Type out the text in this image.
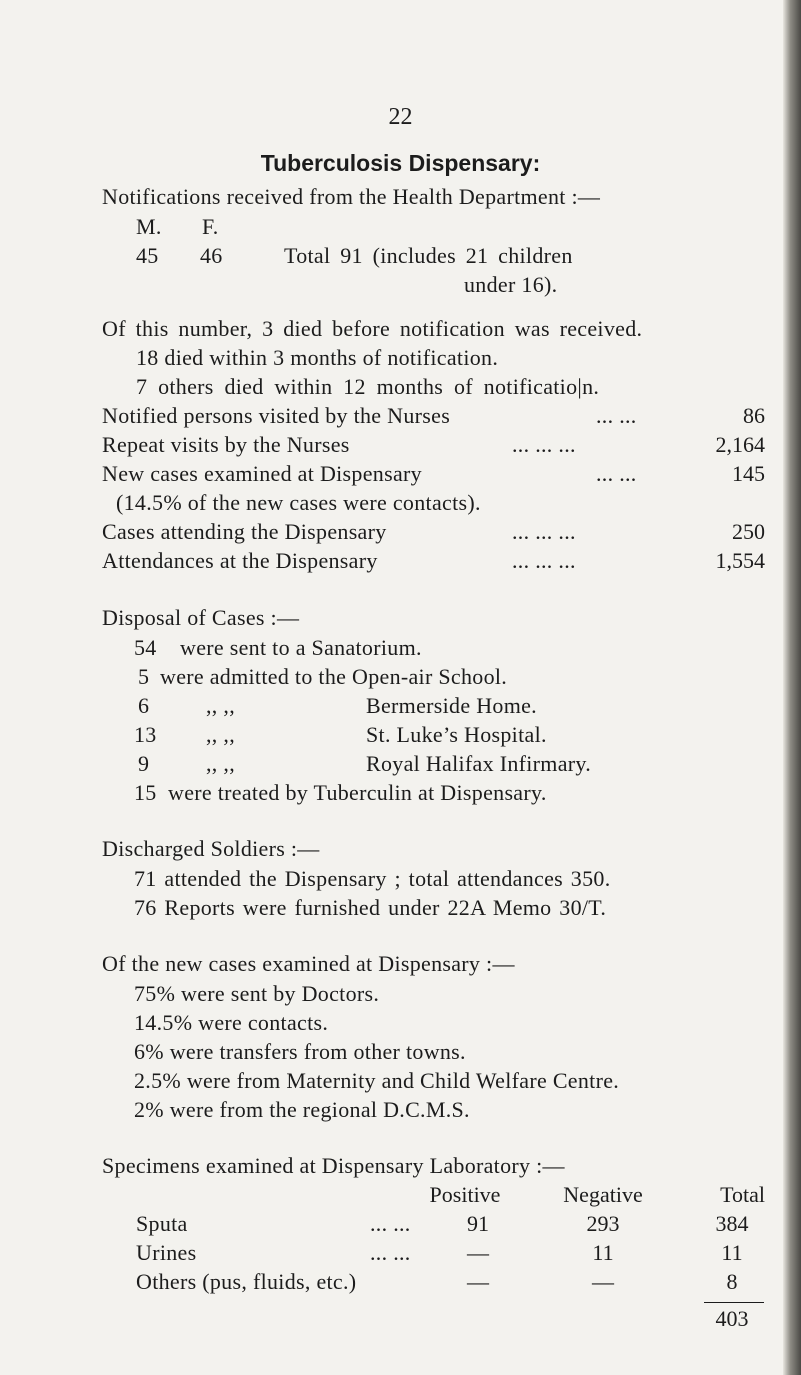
22
Tuberculosis Dispensary:
Notifications received from the Health Department :—
M. F.
45 46	Total 91 (includes 21 children
under 16).
Of this number, 3 died before notification was received.
18 died within 3 months of notification.
7 others died within 12 months of notificatio|n.
Notified persons visited by the Nurses	... ...	86
Repeat visits by the Nurses	... ... ...	2,164
New cases examined at Dispensary	... ...	145
(14.5% of the new cases were contacts).
Cases attending the Dispensary	... ... ...	250
Attendances at the Dispensary	... ... ...	1,554
Disposal of Cases :—
54 were sent to a Sanatorium.
5 were admitted to the Open-air School.
6	,, ,,	Bermerside Home.
13 ,, ,,	St. Luke’s Hospital.
9	,, ,,	Royal Halifax Infirmary.
15 were treated by Tuberculin at Dispensary.
Discharged Soldiers :—
71 attended the Dispensary ; total attendances 350.
76 Reports were furnished under 22A Memo 30/T.
Of the new cases examined at Dispensary :—
75% were sent by Doctors.
14.5% were contacts.
6% were transfers from other towns.
2.5% were from Maternity and Child Welfare Centre.
2% were from the regional D.C.M.S.
Specimens examined at Dispensary Laboratory :—
Positive	Negative	Total
Sputa	... ...	91	293	384
Urines	... ...	—	11	11
Others (pus, fluids, etc.)	—	—	8
403
